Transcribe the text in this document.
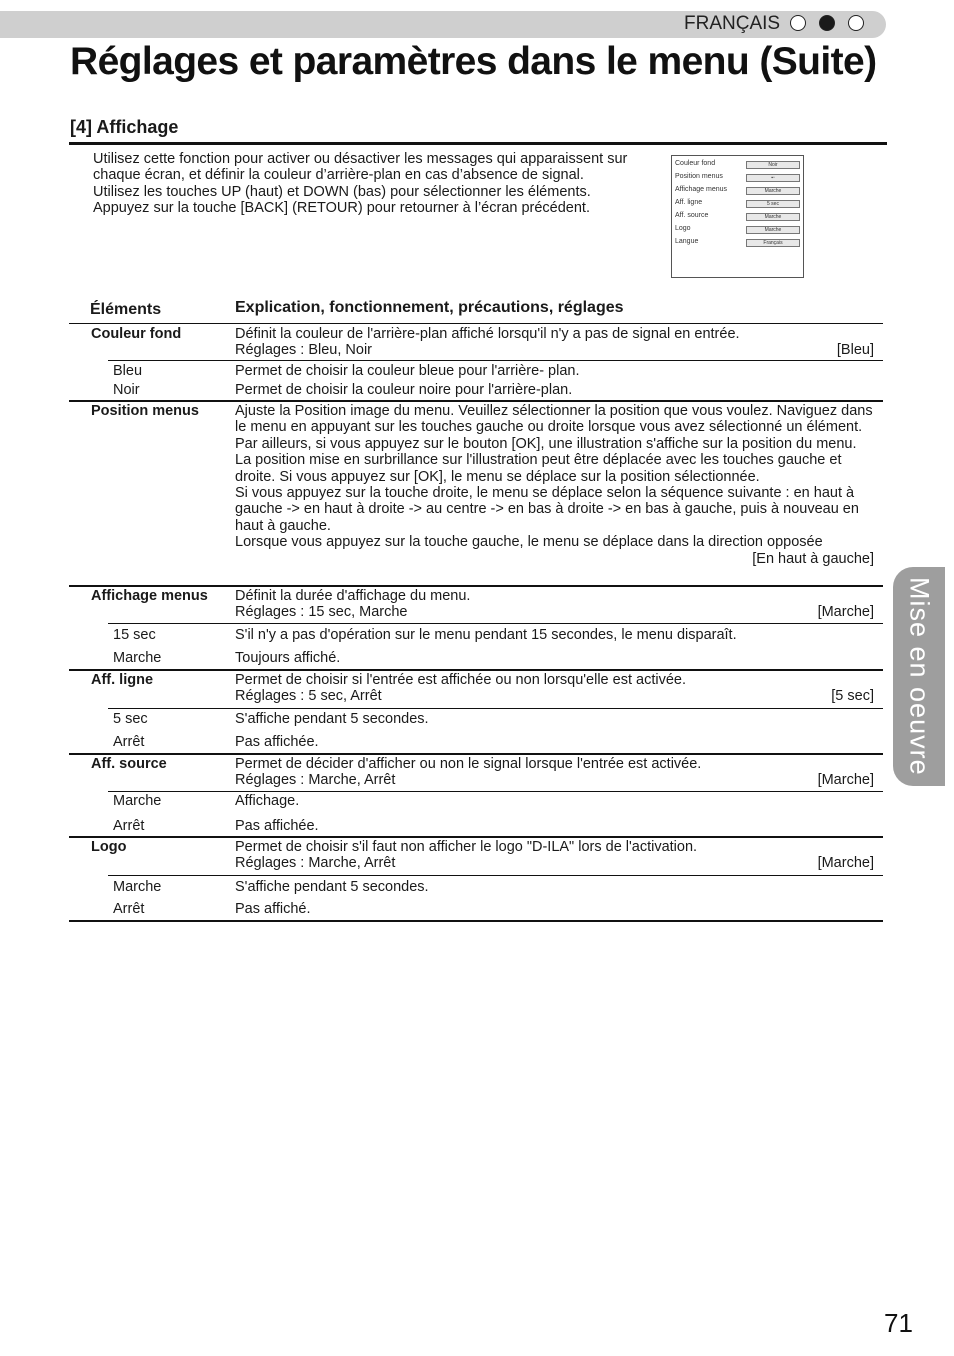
FRANÇAIS
Réglages et paramètres dans le menu (Suite)
[4] Affichage

Utilisez cette fonction pour activer ou désactiver les messages qui apparaissent sur chaque écran, et définir la couleur d’arrière-plan en cas d’absence de signal.

Utilisez les touches UP (haut) et DOWN (bas) pour sélectionner les éléments.

Appuyez sur la touche [BACK] (RETOUR) pour retourner à l’écran précédent.

Couleur fond	Noir
Position menus	▪▫
Affichage menus	Marche
Aff. ligne	5 sec
Aff. source	Marche
Logo	Marche
Langue	Français
Éléments	Explication, fonctionnement, précautions, réglages
Couleur fond	Définit la couleur de l'arrière-plan affiché lorsqu'il n'y a pas de signal en entrée.

Réglages : Bleu, Noir	[Bleu]
Bleu	Permet de choisir la couleur bleue pour l'arrière- plan.
Noir	Permet de choisir la couleur noire pour l'arrière-plan.
Position menus Ajuste la Position image du menu. Veuillez sélectionner la position que vous voulez. Naviguez dans le menu en appuyant sur les touches gauche ou droite lorsque vous avez sélectionné un élément. Par ailleurs, si vous appuyez sur le bouton [OK], une illustration s'affiche sur la position du menu. La position mise en surbrillance sur l'illustration peut être déplacée avec les touches gauche et droite. Si vous appuyez sur [OK], le menu se déplace sur la position sélectionnée.

Si vous appuyez sur la touche droite, le menu se déplace selon la séquence suivante : en haut à gauche -> en haut à droite -> au centre -> en bas à droite -> en bas à gauche, puis à nouveau en haut à gauche.

Lorsque vous appuyez sur la touche gauche, le menu se déplace dans la direction opposée

[En haut à gauche]

Affichage menus Définit la durée d'affichage du menu.

Réglages : 15 sec, Marche	[Marche]
15 sec	S'il n'y a pas d'opération sur le menu pendant 15 secondes, le menu disparaît.
Marche	Toujours affiché.
Aff. ligne	Permet de choisir si l'entrée est affichée ou non lorsqu'elle est activée.

Réglages : 5 sec, Arrêt	[5 sec]
5 sec	S'affiche pendant 5 secondes.
Arrêt	Pas affichée.
Aff. source	Permet de décider d'afficher ou non le signal lorsque l'entrée est activée.

Réglages : Marche, Arrêt	[Marche]
Marche	Affichage.
Arrêt	Pas affichée.
Logo	Permet de choisir s'il faut non afficher le logo "D-ILA" lors de l'activation.

Réglages : Marche, Arrêt	[Marche]
Marche	S'affiche pendant 5 secondes.
Arrêt	Pas affiché.
Mise en oeuvre
71
